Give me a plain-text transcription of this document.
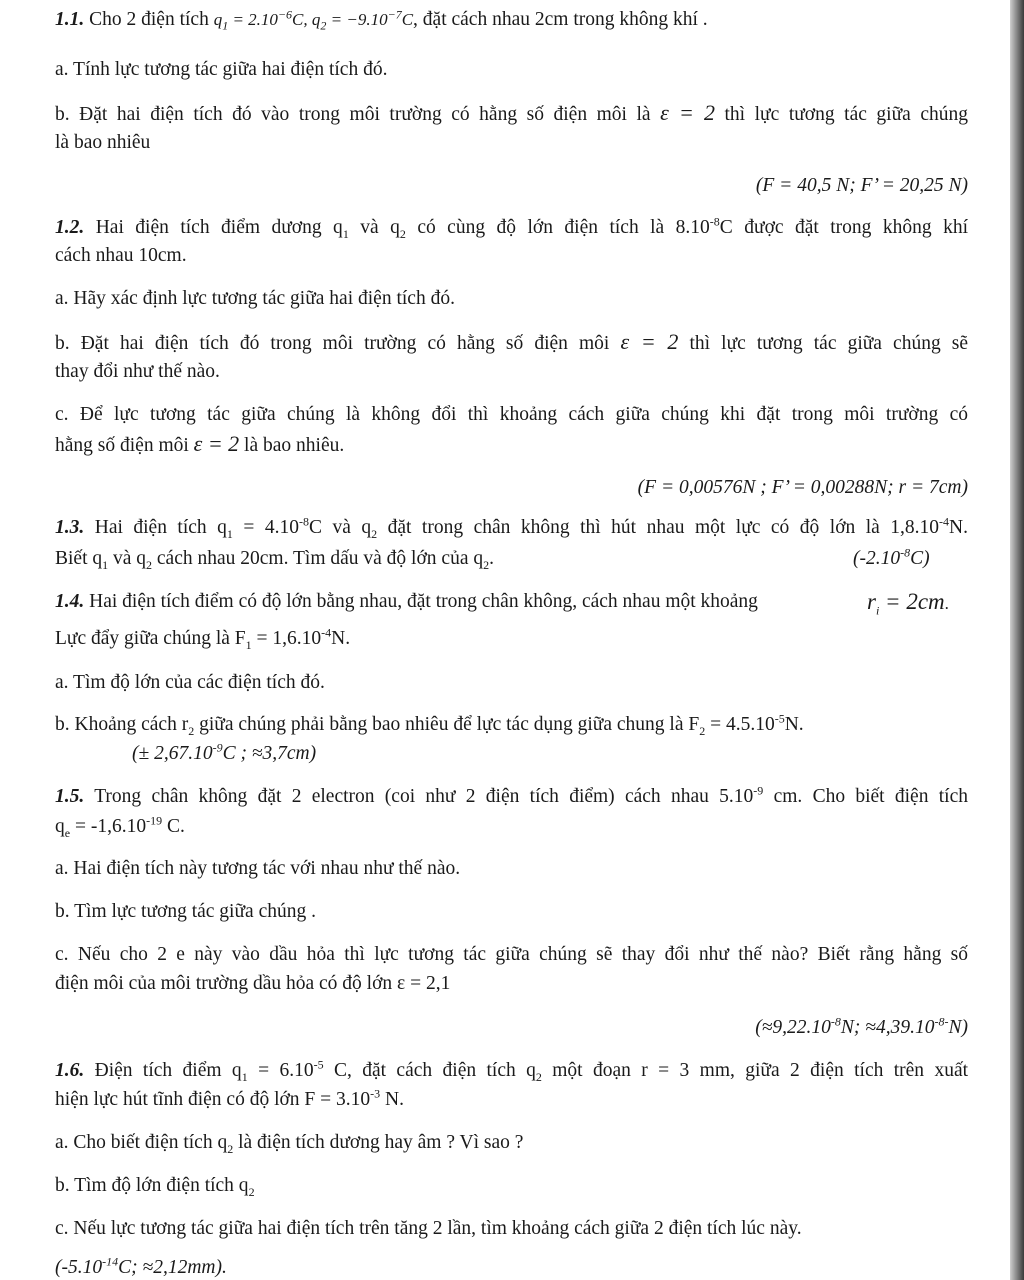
1.1. Cho 2 điện tích $q_1 = 2.10^{-6}C$, $q_2 = -9.10^{-7}C$, đặt cách nhau 2cm trong không khí .
a. Tính lực tương tác giữa hai điện tích đó.
b. Đặt hai điện tích đó vào trong môi trường có hằng số điện môi là ε = 2 thì lực tương tác giữa chúng
là bao nhiêu
(F = 40,5 N; F’ = 20,25 N)
1.2. Hai điện tích điểm dương $q_1$ và $q_2$ có cùng độ lớn điện tích là $8.10^{-8}C$ được đặt trong không khí
cách nhau 10cm.
a. Hãy xác định lực tương tác giữa hai điện tích đó.
b. Đặt hai điện tích đó trong môi trường có hằng số điện môi ε = 2 thì lực tương tác giữa chúng sẽ
thay đổi như thế nào.
c. Để lực tương tác giữa chúng là không đổi thì khoảng cách giữa chúng khi đặt trong môi trường có
hằng số điện môi ε = 2 là bao nhiêu.
(F = 0,00576N ; F’ = 0,00288N; r = 7cm)
1.3. Hai điện tích $q_1 = 4.10^{-8}C$ và $q_2$ đặt trong chân không thì hút nhau một lực có độ lớn là $1,8.10^{-4}N$.
Biết $q_1$ và $q_2$ cách nhau 20cm. Tìm dấu và độ lớn của $q_2$.	$(-2.10^{-8}C)$
1.4. Hai điện tích điểm có độ lớn bằng nhau, đặt trong chân không, cách nhau một khoảng	$r_i = 2cm$.
Lực đẩy giữa chúng là $F_1 = 1,6.10^{-4}N$.
a. Tìm độ lớn của các điện tích đó.
b. Khoảng cách $r_2$ giữa chúng phải bằng bao nhiêu để lực tác dụng giữa chung là $F_2 = 4.5.10^{-5}N$.
(± $2,67.10^{-9}C$ ; ≈3,7cm)
1.5. Trong chân không đặt 2 electron (coi như 2 điện tích điểm) cách nhau $5.10^{-9}$ cm. Cho biết điện tích
$q_e = -1,6.10^{-19}$ C.
a. Hai điện tích này tương tác với nhau như thế nào.
b. Tìm lực tương tác giữa chúng .
c. Nếu cho 2 e này vào dầu hỏa thì lực tương tác giữa chúng sẽ thay đổi như thế nào? Biết rằng hằng số
điện môi của môi trường dầu hỏa có độ lớn ε = 2,1
($\approx 9,22.10^{-8}N$; $\approx 4,39.10^{-8-}N$)
1.6. Điện tích điểm $q_1 = 6.10^{-5}$ C, đặt cách điện tích $q_2$ một đoạn r = 3 mm, giữa 2 điện tích trên xuất
hiện lực hút tĩnh điện có độ lớn $F = 3.10^{-3}$ N.
a. Cho biết điện tích $q_2$ là điện tích dương hay âm ? Vì sao ?
b. Tìm độ lớn điện tích $q_2$
c. Nếu lực tương tác giữa hai điện tích trên tăng 2 lần, tìm khoảng cách giữa 2 điện tích lúc này.
($-5.10^{-14}C$; ≈2,12mm).
